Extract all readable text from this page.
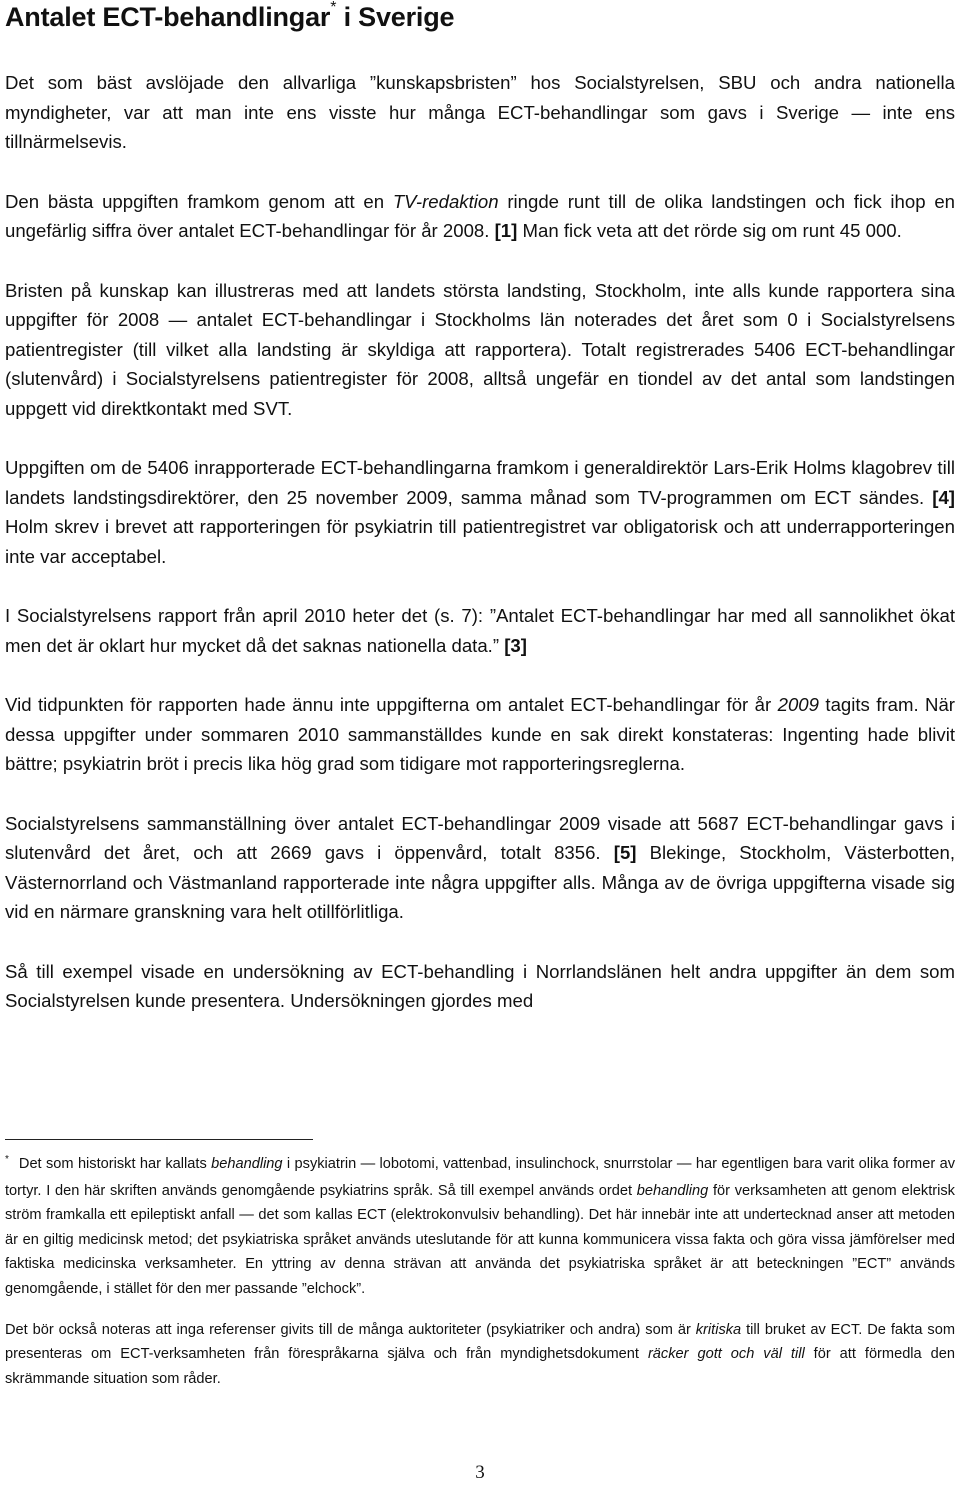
Antalet ECT-behandlingar* i Sverige

Det som bäst avslöjade den allvarliga ”kunskapsbristen” hos Socialstyrelsen, SBU och andra nationella myndigheter, var att man inte ens visste hur många ECT-behandlingar som gavs i Sverige — inte ens tillnärmelsevis.

Den bästa uppgiften framkom genom att en TV-redaktion ringde runt till de olika landstingen och fick ihop en ungefärlig siffra över antalet ECT-behandlingar för år 2008. [1] Man fick veta att det rörde sig om runt 45 000.

Bristen på kunskap kan illustreras med att landets största landsting, Stockholm, inte alls kunde rapportera sina uppgifter för 2008 — antalet ECT-behandlingar i Stockholms län noterades det året som 0 i Socialstyrelsens patientregister (till vilket alla landsting är skyldiga att rapportera). Totalt registrerades 5406 ECT-behandlingar (slutenvård) i Socialstyrelsens patientregister för 2008, alltså ungefär en tiondel av det antal som landstingen uppgett vid direktkontakt med SVT.

Uppgiften om de 5406 inrapporterade ECT-behandlingarna framkom i generaldirektör Lars-Erik Holms klagobrev till landets landstingsdirektörer, den 25 november 2009, samma månad som TV-programmen om ECT sändes. [4] Holm skrev i brevet att rapporteringen för psykiatrin till patientregistret var obligatorisk och att underrapporteringen inte var acceptabel.

I Socialstyrelsens rapport från april 2010 heter det (s. 7): ”Antalet ECT-behandlingar har med all sannolikhet ökat men det är oklart hur mycket då det saknas nationella data.” [3]

Vid tidpunkten för rapporten hade ännu inte uppgifterna om antalet ECT-behandlingar för år 2009 tagits fram. När dessa uppgifter under sommaren 2010 sammanställdes kunde en sak direkt konstateras: Ingenting hade blivit bättre; psykiatrin bröt i precis lika hög grad som tidigare mot rapporteringsreglerna.

Socialstyrelsens sammanställning över antalet ECT-behandlingar 2009 visade att 5687 ECT-behandlingar gavs i slutenvård det året, och att 2669 gavs i öppenvård, totalt 8356. [5] Blekinge, Stockholm, Västerbotten, Västernorrland och Västmanland rapporterade inte några uppgifter alls. Många av de övriga uppgifterna visade sig vid en närmare granskning vara helt otillförlitliga.

Så till exempel visade en undersökning av ECT-behandling i Norrlandslänen helt andra uppgifter än dem som Socialstyrelsen kunde presentera. Undersökningen gjordes med

* Det som historiskt har kallats behandling i psykiatrin — lobotomi, vattenbad, insulinchock, snurrstolar — har egentligen bara varit olika former av tortyr. I den här skriften används genomgående psykiatrins språk. Så till exempel används ordet behandling för verksamheten att genom elektrisk ström framkalla ett epileptiskt anfall — det som kallas ECT (elektrokonvulsiv behandling). Det här innebär inte att undertecknad anser att metoden är en giltig medicinsk metod; det psykiatriska språket används uteslutande för att kunna kommunicera vissa fakta och göra vissa jämförelser med faktiska medicinska verksamheter. En yttring av denna strävan att använda det psykiatriska språket är att beteckningen ”ECT” används genomgående, i stället för den mer passande ”elchock”.

Det bör också noteras att inga referenser givits till de många auktoriteter (psykiatriker och andra) som är kritiska till bruket av ECT. De fakta som presenteras om ECT-verksamheten från förespråkarna själva och från myndighetsdokument räcker gott och väl till för att förmedla den skrämmande situation som råder.

3
